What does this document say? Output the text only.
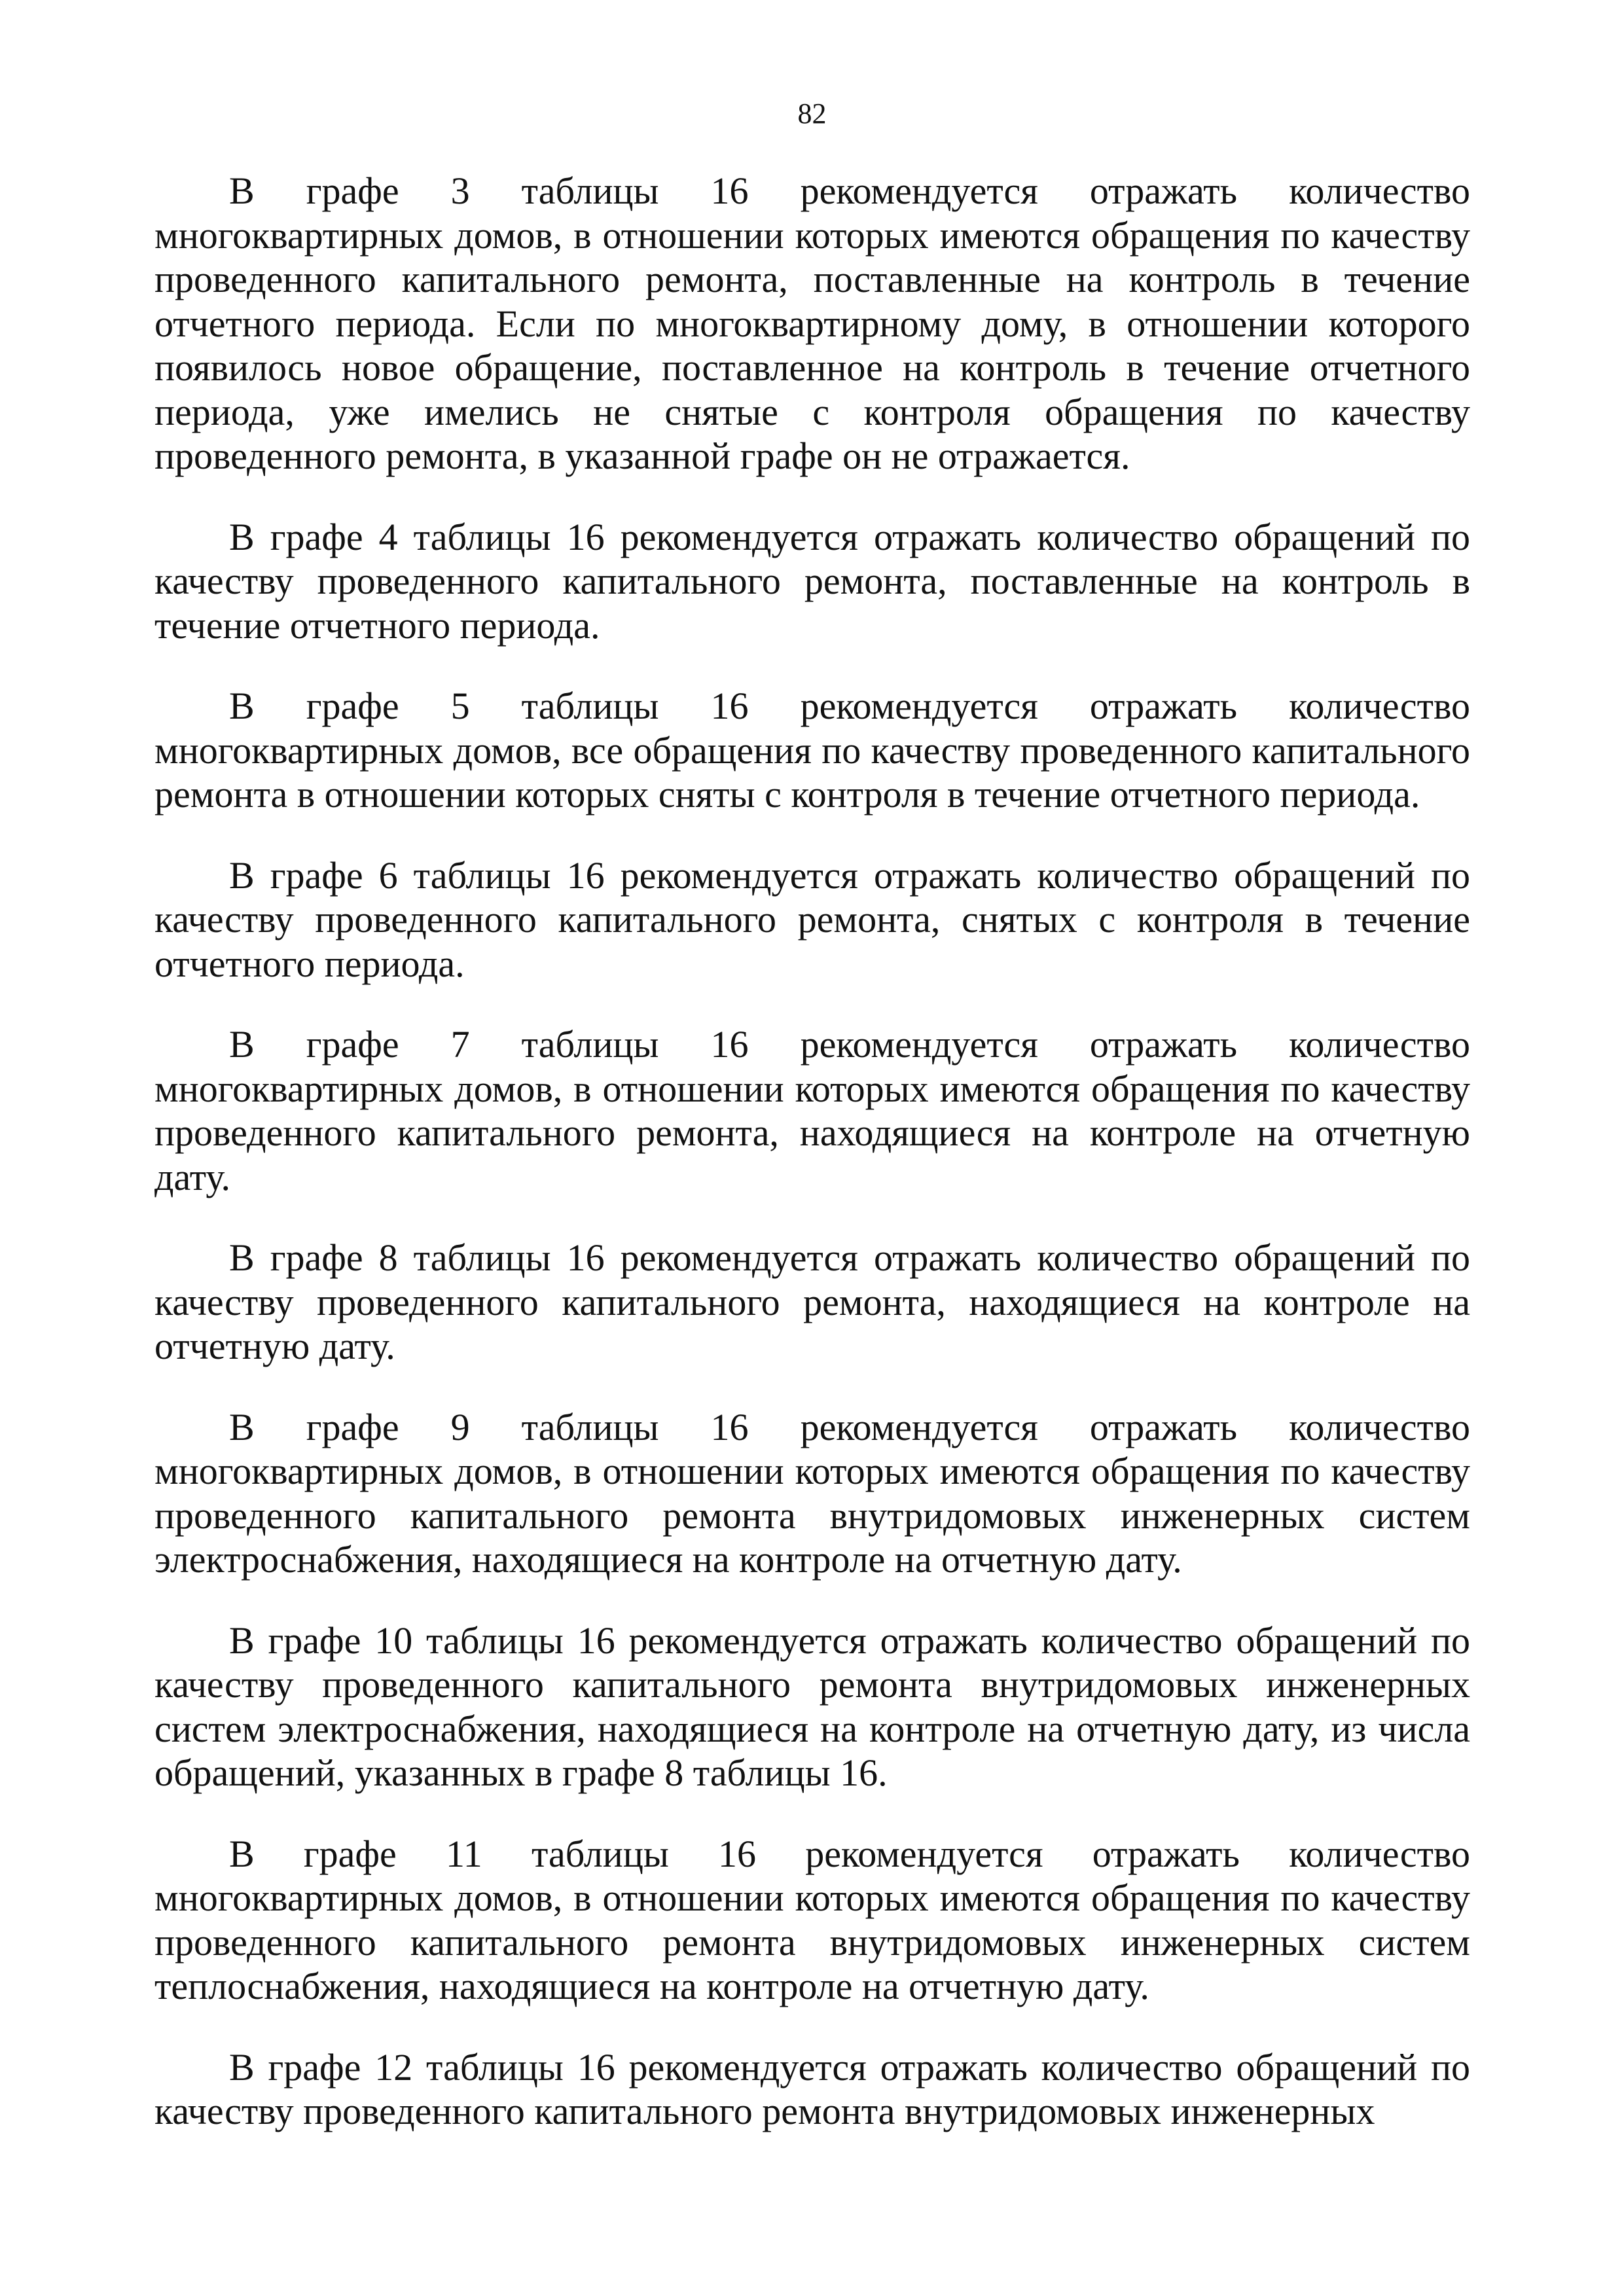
82

В графе 3 таблицы 16 рекомендуется отражать количество многоквартирных домов, в отношении которых имеются обращения по качеству проведенного капитального ремонта, поставленные на контроль в течение отчетного периода. Если по многоквартирному дому, в отношении которого появилось новое обращение, поставленное на контроль в течение отчетного периода, уже имелись не снятые с контроля обращения по качеству проведенного ремонта, в указанной графе он не отражается.

В графе 4 таблицы 16 рекомендуется отражать количество обращений по качеству проведенного капитального ремонта, поставленные на контроль в течение отчетного периода.

В графе 5 таблицы 16 рекомендуется отражать количество многоквартирных домов, все обращения по качеству проведенного капитального ремонта в отношении которых сняты с контроля в течение отчетного периода.

В графе 6 таблицы 16 рекомендуется отражать количество обращений по качеству проведенного капитального ремонта, снятых с контроля в течение отчетного периода.

В графе 7 таблицы 16 рекомендуется отражать количество многоквартирных домов, в отношении которых имеются обращения по качеству проведенного капитального ремонта, находящиеся на контроле на отчетную дату.

В графе 8 таблицы 16 рекомендуется отражать количество обращений по качеству проведенного капитального ремонта, находящиеся на контроле на отчетную дату.

В графе 9 таблицы 16 рекомендуется отражать количество многоквартирных домов, в отношении которых имеются обращения по качеству проведенного капитального ремонта внутридомовых инженерных систем электроснабжения, находящиеся на контроле на отчетную дату.

В графе 10 таблицы 16 рекомендуется отражать количество обращений по качеству проведенного капитального ремонта внутридомовых инженерных систем электроснабжения, находящиеся на контроле на отчетную дату, из числа обращений, указанных в графе 8 таблицы 16.

В графе 11 таблицы 16 рекомендуется отражать количество многоквартирных домов, в отношении которых имеются обращения по качеству проведенного капитального ремонта внутридомовых инженерных систем теплоснабжения, находящиеся на контроле на отчетную дату.

В графе 12 таблицы 16 рекомендуется отражать количество обращений по качеству проведенного капитального ремонта внутридомовых инженерных
